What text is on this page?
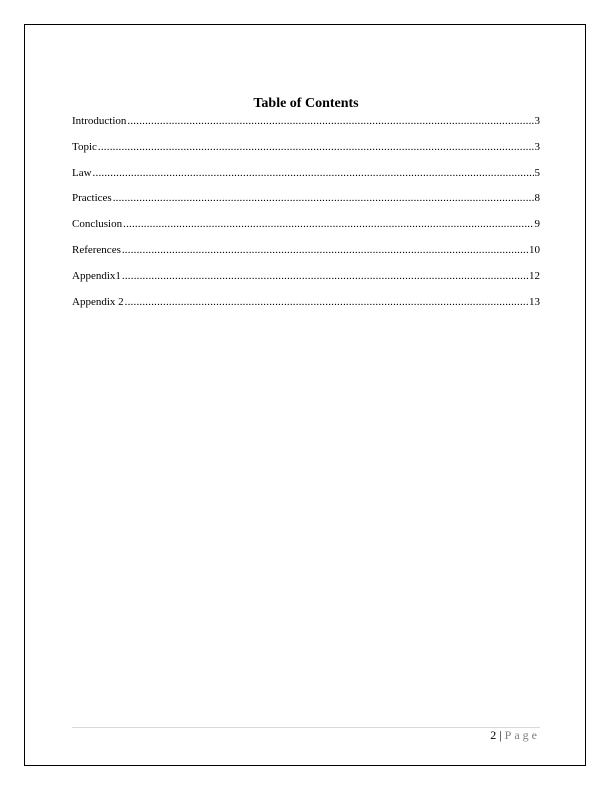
Table of Contents
Introduction .....	3
Topic .....	3
Law .....	5
Practices .....	8
Conclusion .....	9
References .....	10
Appendix1 .....	12
Appendix 2 .....	13
2 | Page
